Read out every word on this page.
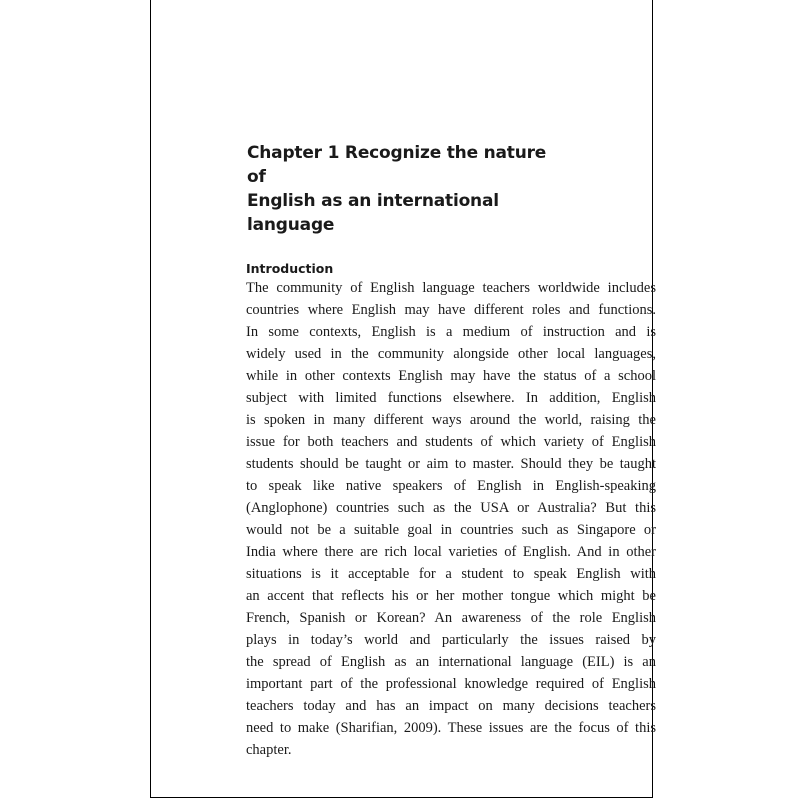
Chapter 1 Recognize the nature of
English as an international language
Introduction
The community of English language teachers worldwide includes
countries where English may have different roles and functions.
In some contexts, English is a medium of instruction and is
widely used in the community alongside other local languages,
while in other contexts English may have the status of a school
subject with limited functions elsewhere. In addition, English
is spoken in many different ways around the world, raising the
issue for both teachers and students of which variety of English
students should be taught or aim to master. Should they be taught
to speak like native speakers of English in English-speaking
(Anglophone) countries such as the USA or Australia? But this
would not be a suitable goal in countries such as Singapore or
India where there are rich local varieties of English. And in other
situations is it acceptable for a student to speak English with
an accent that reflects his or her mother tongue which might be
French, Spanish or Korean? An awareness of the role English
plays in today’s world and particularly the issues raised by
the spread of English as an international language (EIL) is an
important part of the professional knowledge required of English
teachers today and has an impact on many decisions teachers
need to make (Sharifian, 2009). These issues are the focus of this
chapter.
